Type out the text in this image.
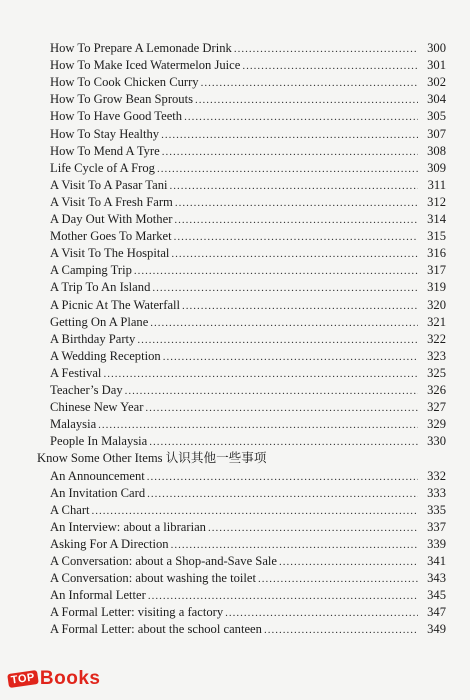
How To Prepare A Lemonade Drink .....	300
How To Make Iced Watermelon Juice .....	301
How To Cook Chicken Curry .....	302
How To Grow Bean Sprouts .....	304
How To Have Good Teeth .....	305
How To Stay Healthy .....	307
How To Mend A Tyre .....	308
Life Cycle of A Frog .....	309
A Visit To A Pasar Tani .....	311
A Visit To A Fresh Farm .....	312
A Day Out With Mother .....	314
Mother Goes To Market .....	315
A Visit To The Hospital .....	316
A Camping Trip .....	317
A Trip To An Island .....	319
A Picnic At The Waterfall .....	320
Getting On A Plane .....	321
A Birthday Party .....	322
A Wedding Reception .....	323
A Festival .....	325
Teacher’s Day .....	326
Chinese New Year .....	327
Malaysia .....	329
People In Malaysia .....	330
Know Some Other Items 认识其他一些事项
An Announcement .....	332
An Invitation Card .....	333
A Chart .....	335
An Interview: about a librarian .....	337
Asking For A Direction .....	339
A Conversation: about a Shop-and-Save Sale .....	341
A Conversation: about washing the toilet .....	343
An Informal Letter .....	345
A Formal Letter: visiting a factory .....	347
A Formal Letter: about the school canteen .....	349
TOP Books
